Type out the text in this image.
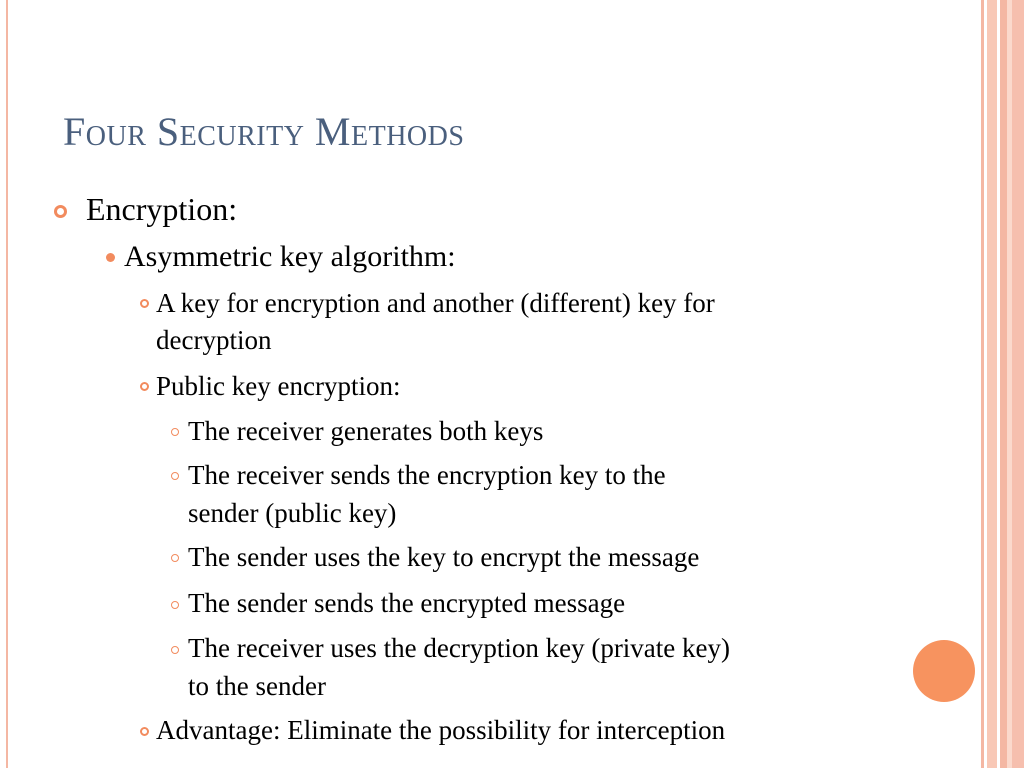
Four Security Methods
Encryption:
Asymmetric key algorithm:
A key for encryption and another (different) key for
decryption
Public key encryption:
The receiver generates both keys
The receiver sends the encryption key to the
sender (public key)
The sender uses the key to encrypt the message
The sender sends the encrypted message
The receiver uses the decryption key (private key)
to the sender
Advantage: Eliminate the possibility for interception
